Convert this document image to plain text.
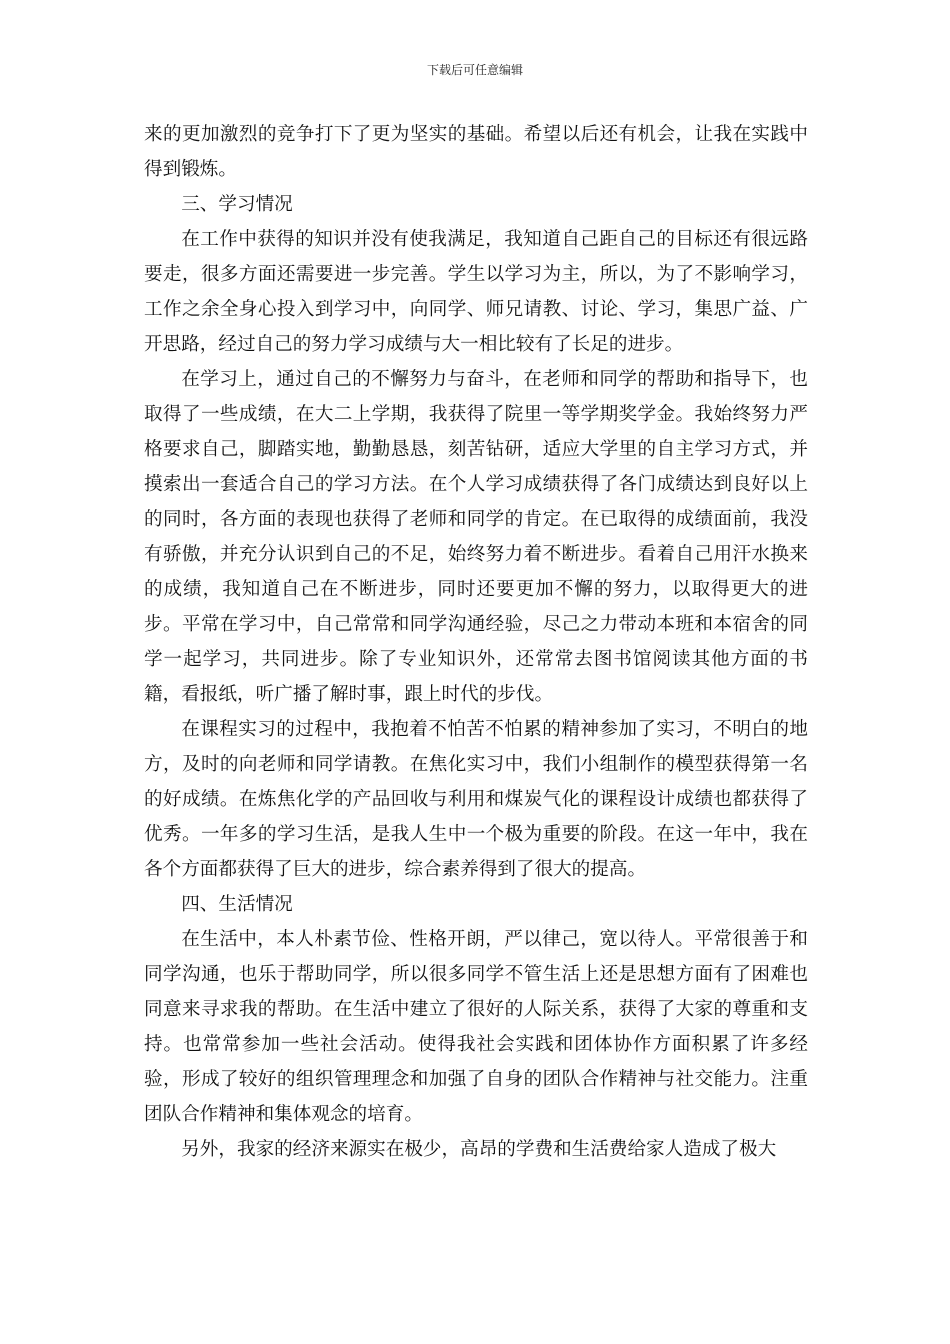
下载后可任意编辑

来的更加激烈的竞争打下了更为坚实的基础。希望以后还有机会，让我在实践中得到锻炼。

三、学习情况

在工作中获得的知识并没有使我满足，我知道自己距自己的目标还有很远路要走，很多方面还需要进一步完善。学生以学习为主，所以，为了不影响学习，工作之余全身心投入到学习中，向同学、师兄请教、讨论、学习，集思广益、广开思路，经过自己的努力学习成绩与大一相比较有了长足的进步。

在学习上，通过自己的不懈努力与奋斗，在老师和同学的帮助和指导下，也取得了一些成绩，在大二上学期，我获得了院里一等学期奖学金。我始终努力严格要求自己，脚踏实地，勤勤恳恳，刻苦钻研，适应大学里的自主学习方式，并摸索出一套适合自己的学习方法。在个人学习成绩获得了各门成绩达到良好以上的同时，各方面的表现也获得了老师和同学的肯定。在已取得的成绩面前，我没有骄傲，并充分认识到自己的不足，始终努力着不断进步。看着自己用汗水换来的成绩，我知道自己在不断进步，同时还要更加不懈的努力，以取得更大的进步。平常在学习中，自己常常和同学沟通经验，尽己之力带动本班和本宿舍的同学一起学习，共同进步。除了专业知识外，还常常去图书馆阅读其他方面的书籍，看报纸，听广播了解时事，跟上时代的步伐。

在课程实习的过程中，我抱着不怕苦不怕累的精神参加了实习，不明白的地方，及时的向老师和同学请教。在焦化实习中，我们小组制作的模型获得第一名的好成绩。在炼焦化学的产品回收与利用和煤炭气化的课程设计成绩也都获得了优秀。一年多的学习生活，是我人生中一个极为重要的阶段。在这一年中，我在各个方面都获得了巨大的进步，综合素养得到了很大的提高。

四、生活情况

在生活中，本人朴素节俭、性格开朗，严以律己，宽以待人。平常很善于和同学沟通，也乐于帮助同学，所以很多同学不管生活上还是思想方面有了困难也同意来寻求我的帮助。在生活中建立了很好的人际关系，获得了大家的尊重和支持。也常常参加一些社会活动。使得我社会实践和团体协作方面积累了许多经验，形成了较好的组织管理理念和加强了自身的团队合作精神与社交能力。注重团队合作精神和集体观念的培育。

另外，我家的经济来源实在极少，高昂的学费和生活费给家人造成了极大
